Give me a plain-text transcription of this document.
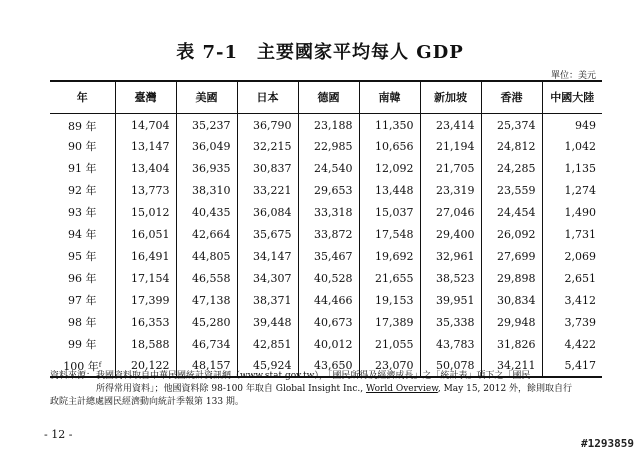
表 7-1　主要國家平均每人 GDP
單位：美元
年	臺灣	美國	日本	德國	南韓	新加坡	香港	中國大陸
89 年	14,704	35,237	36,790	23,188	11,350	23,414	25,374	949
90 年	13,147	36,049	32,215	22,985	10,656	21,194	24,812	1,042
91 年	13,404	36,935	30,837	24,540	12,092	21,705	24,285	1,135
92 年	13,773	38,310	33,221	29,653	13,448	23,319	23,559	1,274
93 年	15,012	40,435	36,084	33,318	15,037	27,046	24,454	1,490
94 年	16,051	42,664	35,675	33,872	17,548	29,400	26,092	1,731
95 年	16,491	44,805	34,147	35,467	19,692	32,961	27,699	2,069
96 年	17,154	46,558	34,307	40,528	21,655	38,523	29,898	2,651
97 年	17,399	47,138	38,371	44,466	19,153	39,951	30,834	3,412
98 年	16,353	45,280	39,448	40,673	17,389	35,338	29,948	3,739
99 年	18,588	46,734	42,851	40,012	21,055	43,783	31,826	4,422
100 年ᶠ	20,122	48,157	45,924	43,650	23,070	50,078	34,211	5,417
資料來源：我國資料取自中華民國統計資訊網（www.stat.gov.tw），「國民所得及經濟成長」之「統計表」項下之「國民
所得常用資料」；他國資料除 98-100 年取自 Global Insight Inc., World Overview, May 15, 2012 外，餘則取自行
政院主計總處國民經濟動向統計季報第 133 期。
- 12 -
#1293859
